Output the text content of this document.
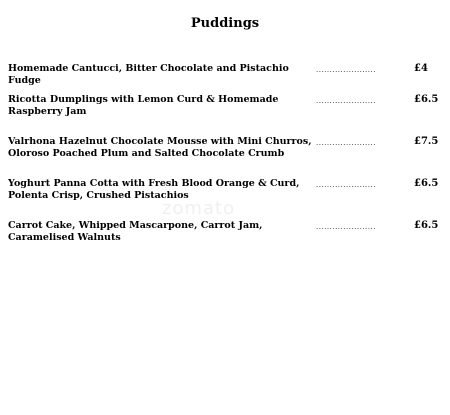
Puddings
Homemade Cantucci, Bitter Chocolate and Pistachio Fudge
......................	£4
Ricotta Dumplings with Lemon Curd & Homemade Raspberry Jam
......................	£6.5
Valrhona Hazelnut Chocolate Mousse with Mini Churros, Oloroso Poached Plum and Salted Chocolate Crumb
......................	£7.5
Yoghurt Panna Cotta with Fresh Blood Orange & Curd, Polenta Crisp, Crushed Pistachios
......................	£6.5
Carrot Cake, Whipped Mascarpone, Carrot Jam, Caramelised Walnuts
......................	£6.5
zomato
